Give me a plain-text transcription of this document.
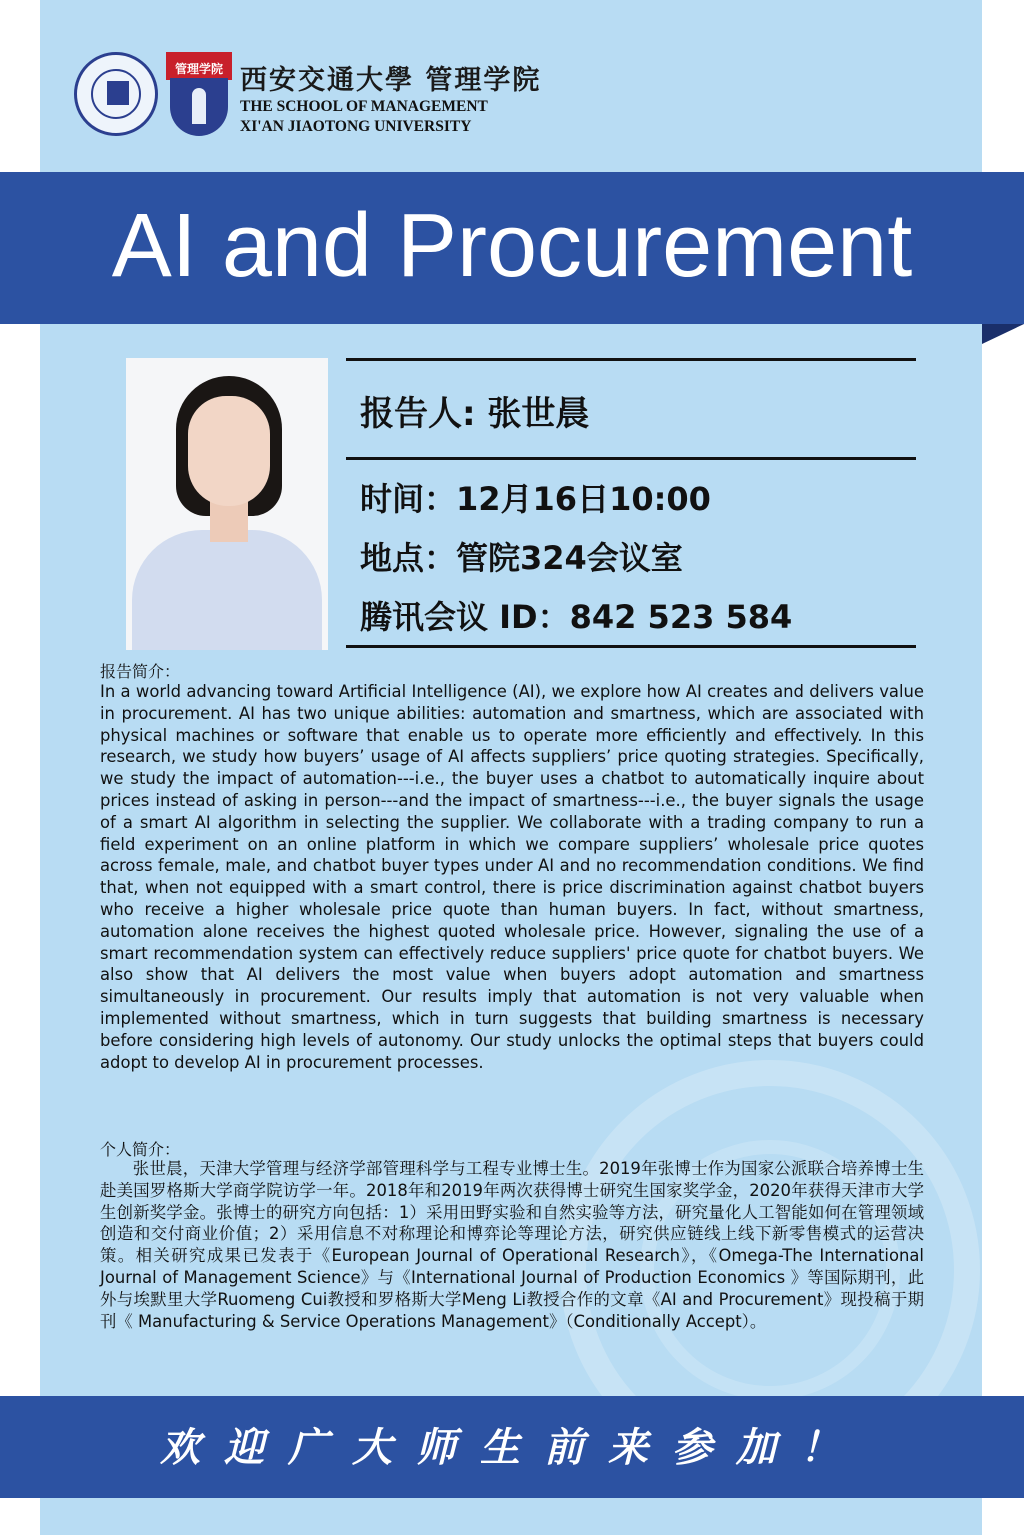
管理学院 西安交通大學 管理学院
THE SCHOOL OF MANAGEMENT
XI'AN JIAOTONG UNIVERSITY
AI and Procurement
报告人: 张世晨
时间：12月16日10:00
地点：管院324会议室
腾讯会议 ID：842 523 584
报告简介：

In a world advancing toward Artificial Intelligence (AI), we explore how AI creates and delivers value in procurement. AI has two unique abilities: automation and smartness, which are associated with physical machines or software that enable us to operate more efficiently and effectively. In this research, we study how buyers’ usage of AI affects suppliers’ price quoting strategies. Specifically, we study the impact of automation---i.e., the buyer uses a chatbot to automatically inquire about prices instead of asking in person---and the impact of smartness---i.e., the buyer signals the usage of a smart AI algorithm in selecting the supplier. We collaborate with a trading company to run a field experiment on an online platform in which we compare suppliers’ wholesale price quotes across female, male, and chatbot buyer types under AI and no recommendation conditions. We find that, when not equipped with a smart control, there is price discrimination against chatbot buyers who receive a higher wholesale price quote than human buyers. In fact, without smartness, automation alone receives the highest quoted wholesale price. However, signaling the use of a smart recommendation system can effectively reduce suppliers' price quote for chatbot buyers. We also show that AI delivers the most value when buyers adopt automation and smartness simultaneously in procurement. Our results imply that automation is not very valuable when implemented without smartness, which in turn suggests that building smartness is necessary before considering high levels of autonomy. Our study unlocks the optimal steps that buyers could adopt to develop AI in procurement processes.

个人简介：

张世晨，天津大学管理与经济学部管理科学与工程专业博士生。2019年张博士作为国家公派联合培养博士生赴美国罗格斯大学商学院访学一年。2018年和2019年两次获得博士研究生国家奖学金，2020年获得天津市大学生创新奖学金。张博士的研究方向包括：1）采用田野实验和自然实验等方法，研究量化人工智能如何在管理领域创造和交付商业价值；2）采用信息不对称理论和博弈论等理论方法，研究供应链线上线下新零售模式的运营决策。相关研究成果已发表于《European Journal of Operational Research》，《Omega-The International Journal of Management Science》与《International Journal of Production Economics 》等国际期刊，此外与埃默里大学Ruomeng Cui教授和罗格斯大学Meng Li教授合作的文章《AI and Procurement》现投稿于期刊《 Manufacturing & Service Operations Management》（Conditionally Accept）。

欢迎广大师生前来参加！
